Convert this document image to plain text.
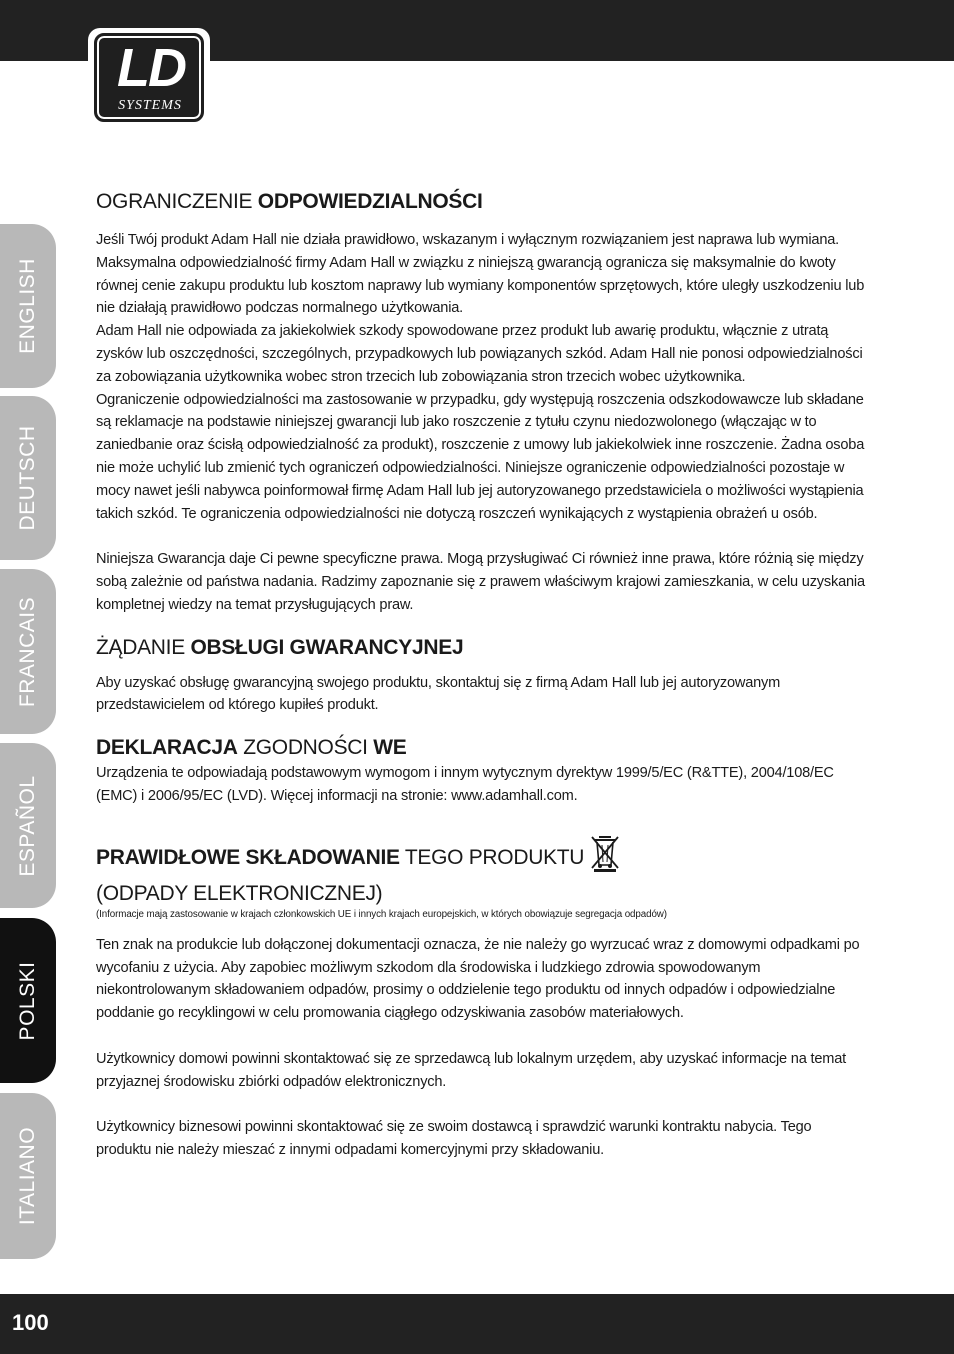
LD
SYSTEMS
ENGLISH
DEUTSCH
FRANCAIS
ESPAÑOL
POLSKI
ITALIANO
OGRANICZENIE ODPOWIEDZIALNOŚCI

Jeśli Twój produkt Adam Hall nie działa prawidłowo, wskazanym i wyłącznym rozwiązaniem jest naprawa lub wymiana. Maksymalna odpowiedzialność firmy Adam Hall w związku z niniejszą gwarancją ogranicza się maksymalnie do kwoty równej cenie zakupu produktu lub kosztom naprawy lub wymiany komponentów sprzętowych, które uległy uszkodzeniu lub nie działają prawidłowo podczas normalnego użytkowania.

Adam Hall nie odpowiada za jakiekolwiek szkody spowodowane przez produkt lub awarię produktu, włącznie z utratą zysków lub oszczędności, szczególnych, przypadkowych lub powiązanych szkód. Adam Hall nie ponosi odpowiedzialności za zobowiązania użytkownika wobec stron trzecich lub zobowiązania stron trzecich wobec użytkownika.

Ograniczenie odpowiedzialności ma zastosowanie w przypadku, gdy występują roszczenia odszkodowawcze lub składane są reklamacje na podstawie niniejszej gwarancji lub jako roszczenie z tytułu czynu niedozwolonego (włączając w to zaniedbanie oraz ścisłą odpowiedzialność za produkt), roszczenie z umowy lub jakiekolwiek inne roszczenie. Żadna osoba nie może uchylić lub zmienić tych ograniczeń odpowiedzialności. Niniejsze ograniczenie odpowiedzialności pozostaje w mocy nawet jeśli nabywca poinformował firmę Adam Hall lub jej autoryzowanego przedstawiciela o możliwości wystąpienia takich szkód. Te ograniczenia odpowiedzialności nie dotyczą roszczeń wynikających z wystąpienia obrażeń u osób.

Niniejsza Gwarancja daje Ci pewne specyficzne prawa. Mogą przysługiwać Ci również inne prawa, które różnią się między sobą zależnie od państwa nadania. Radzimy zapoznanie się z prawem właściwym krajowi zamieszkania, w celu uzyskania kompletnej wiedzy na temat przysługujących praw.

ŻĄDANIE OBSŁUGI GWARANCYJNEJ

Aby uzyskać obsługę gwarancyjną swojego produktu, skontaktuj się z firmą Adam Hall lub jej autoryzowanym przedstawicielem od którego kupiłeś produkt.

DEKLARACJA ZGODNOŚCI WE

Urządzenia te odpowiadają podstawowym wymogom i innym wytycznym dyrektyw 1999/5/EC (R&TTE), 2004/108/EC (EMC) i 2006/95/EC (LVD). Więcej informacji na stronie: www.adamhall.com.

PRAWIDŁOWE SKŁADOWANIE TEGO PRODUKTU
(ODPADY ELEKTRONICZNEJ)

(Informacje mają zastosowanie w krajach członkowskich UE i innych krajach europejskich, w których obowiązuje segregacja odpadów)

Ten znak na produkcie lub dołączonej dokumentacji oznacza, że nie należy go wyrzucać wraz z domowymi odpadkami po wycofaniu z użycia. Aby zapobiec możliwym szkodom dla środowiska i ludzkiego zdrowia spowodowanym niekontrolowanym składowaniem odpadów, prosimy o oddzielenie tego produktu od innych odpadów i odpowiedzialne poddanie go recyklingowi w celu promowania ciągłego odzyskiwania zasobów materiałowych.

Użytkownicy domowi powinni skontaktować się ze sprzedawcą lub lokalnym urzędem, aby uzyskać informacje na temat przyjaznej środowisku zbiórki odpadów elektronicznych.

Użytkownicy biznesowi powinni skontaktować się ze swoim dostawcą i sprawdzić warunki kontraktu nabycia. Tego produktu nie należy mieszać z innymi odpadami komercyjnymi przy składowaniu.

100
